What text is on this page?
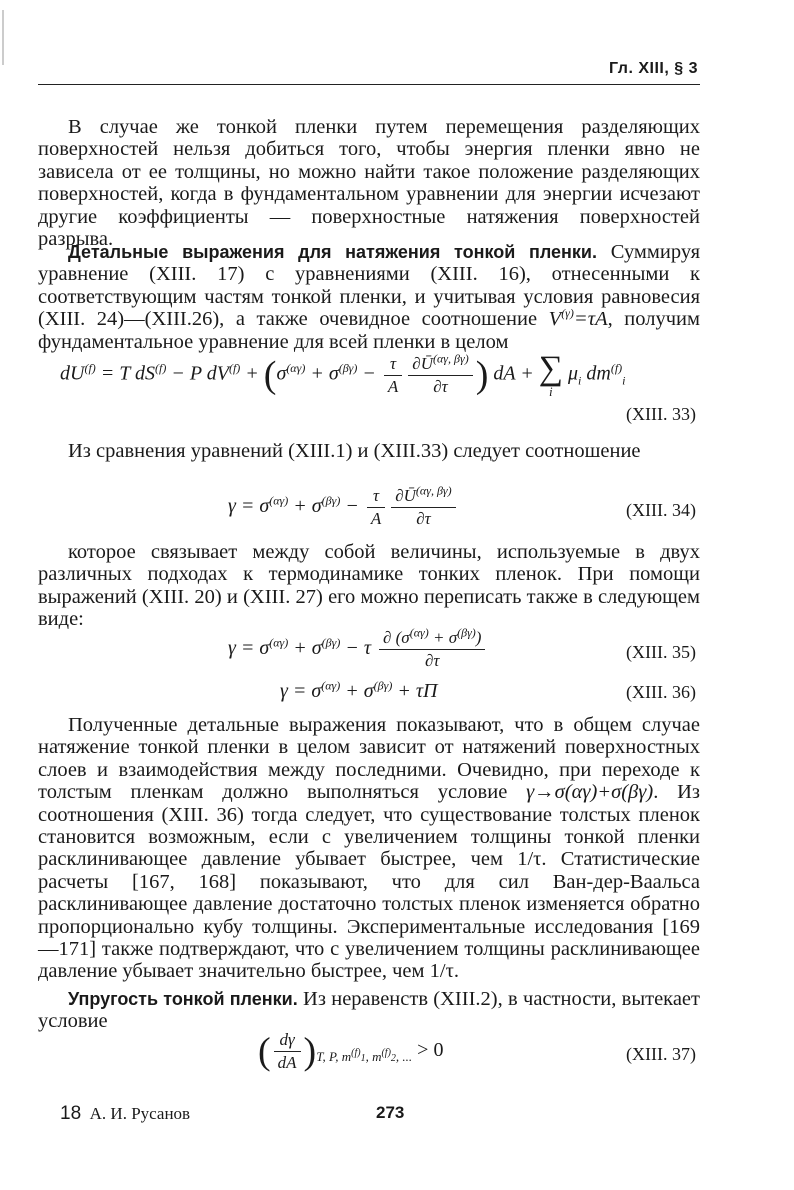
Гл. XIII, § 3

В случае же тонкой пленки путем перемещения разделяющих поверхностей нельзя добиться того, чтобы энергия пленки явно не зависела от ее толщины, но можно найти такое положение разделяющих поверхностей, когда в фундаментальном уравнении для энергии исчезают другие коэффициенты — поверхностные натяжения поверхностей разрыва.

Детальные выражения для натяжения тонкой пленки. Суммируя уравнение (XIII. 17) с уравнениями (XIII. 16), отнесенными к соответствующим частям тонкой пленки, и учитывая условия равновесия (XIII. 24)—(XIII.26), а также очевидное соотношение $V^{(\gamma)}=\tau A$, получим фундаментальное уравнение для всей пленки в целом

$dU^{(f)} = T$ $dS^{(f)} - P$ $dV^{(f)} + (\sigma^{(\alpha\gamma)} + \sigma^{(\beta\gamma)} - \frac{\tau}{A} \frac{\partial Ū^{(\alpha\gamma, \beta\gamma)}}{\partial\tau}$ ) dA + ∑
i
$\mu_i$ $dm^{(f)}_i$
(XIII. 33)

Из сравнения уравнений (XIII.1) и (XIII.33) следует соотношение

$\gamma = \sigma^{(\alpha\gamma)} + \sigma^{(\beta\gamma)} - \frac{\tau}{A} \frac{\partial Ū^{(\alpha\gamma, \beta\gamma)}}{\partial\tau}$	(XIII. 34)

которое связывает между собой величины, используемые в двух различных подходах к термодинамике тонких пленок. При помощи выражений (XIII. 20) и (XIII. 27) его можно переписать также в следующем виде:

$\gamma = \sigma^{(\alpha\gamma)} + \sigma^{(\beta\gamma)} - \tau \frac{\partial (\sigma^{(\alpha\gamma)} + \sigma^{(\beta\gamma)})}{\partial\tau}$	(XIII. 35)
$\gamma = \sigma^{(\alpha\gamma)} + \sigma^{(\beta\gamma)} + \tau\Pi$	(XIII. 36)

Полученные детальные выражения показывают, что в общем случае натяжение тонкой пленки в целом зависит от натяжений поверхностных слоев и взаимодействия между последними. Очевидно, при переходе к толстым пленкам должно выполняться условие γ→σ(αγ)+σ(βγ). Из соотношения (XIII. 36) тогда следует, что существование толстых пленок становится возможным, если с увеличением толщины тонкой пленки расклинивающее давление убывает быстрее, чем 1/τ. Статистические расчеты [167, 168] показывают, что для сил Ван-дер-Ваальса расклинивающее давление достаточно толстых пленок изменяется обратно пропорционально кубу толщины. Экспериментальные исследования [169—171] также подтверждают, что с увеличением толщины расклинивающее давление убывает значительно быстрее, чем 1/τ.

Упругость тонкой пленки. Из неравенств (XIII.2), в частности, вытекает условие

( $\frac{d\gamma}{dA} )_{T, P, m^{(f)}1, m^{(f)}2, ...} > 0$	(XIII. 37)
18 А. И. Русанов	273
